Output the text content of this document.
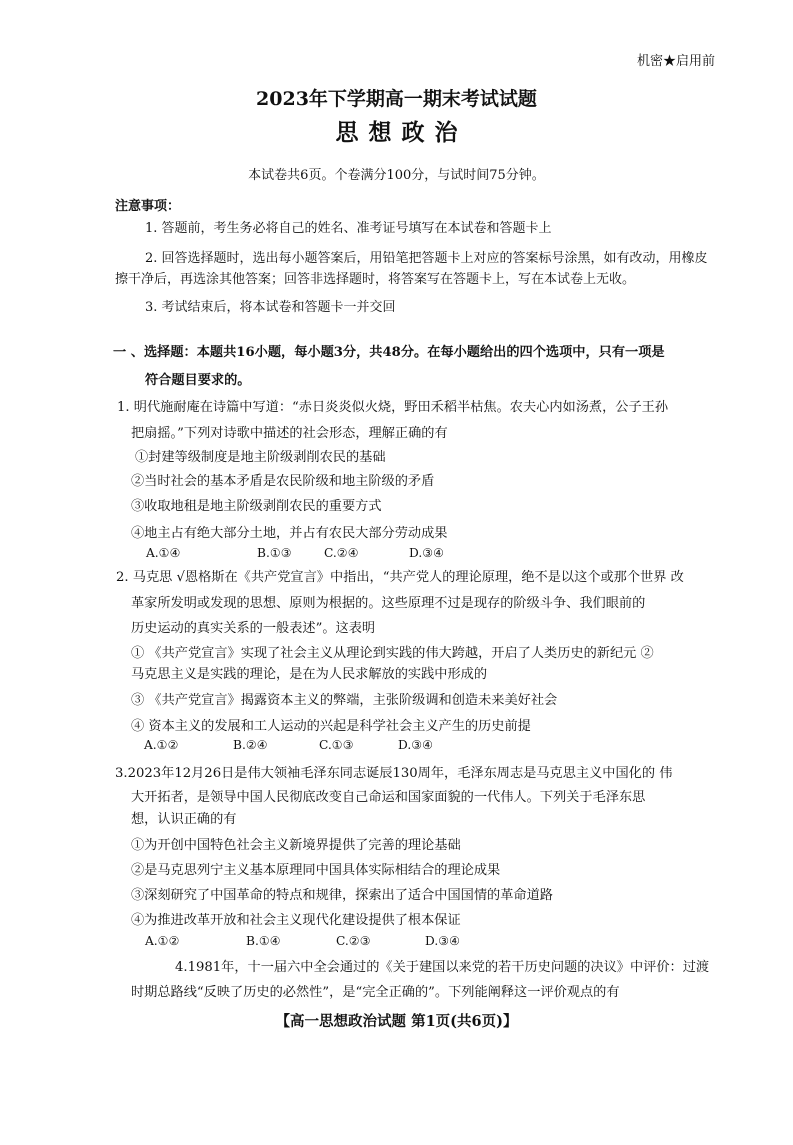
机密★启用前
2023年下学期高一期末考试试题
思想政治
本试卷共6页。个卷满分100分，与试时间75分钟。
注意事项：
1. 答题前，考生务必将自己的姓名、准考证号填写在本试卷和答题卡上
2. 回答选择题时，选出每小题答案后，用铅笔把答题卡上对应的答案标号涂黑，如有改动，用橡皮
擦干净后，再选涂其他答案；回答非选择题时，将答案写在答题卡上，写在本试卷上无收。
3. 考试结束后，将本试卷和答题卡一并交回
一 、选择题：本题共16小题，每小题3分，共48分。在每小题给出的四个选项中，只有一项是
符合题目要求的。
1. 明代施耐庵在诗篇中写道：“赤日炎炎似火烧，野田禾稻半枯焦。农夫心内如汤煮，公子王孙
把扇摇。”下列对诗歌中描述的社会形态，理解正确的有
①封建等级制度是地主阶级剥削农民的基础
②当时社会的基本矛盾是农民阶级和地主阶级的矛盾
③收取地租是地主阶级剥削农民的重要方式
④地主占有绝大部分土地，并占有农民大部分劳动成果
A.①④	B.①③	C.②④	D.③④
2. 马克思 √恩格斯在《共产党宣言》中指出，“共产党人的理论原理，绝不是以这个或那个世界 改
革家所发明或发现的思想、原则为根据的。这些原理不过是现存的阶级斗争、我们眼前的
历史运动的真实关系的一般表述”。这表明
① 《共产党宣言》实现了社会主义从理论到实践的伟大跨越，开启了人类历史的新纪元 ②
马克思主义是实践的理论，是在为人民求解放的实践中形成的
③ 《共产党宣言》揭露资本主义的弊端，主张阶级调和创造未来美好社会
④ 资本主义的发展和工人运动的兴起是科学社会主义产生的历史前提
A.①②	B.②④	C.①③	D.③④
3.2023年12月26日是伟大领袖毛泽东同志诞辰130周年，毛泽东周志是马克思主义中国化的 伟
大开拓者，是领导中国人民彻底改变自己命运和国家面貌的一代伟人。下列关于毛泽东思
想，认识正确的有
①为开创中国特色社会主义新境界提供了完善的理论基础
②是马克思列宁主义基本原理同中国具体实际相结合的理论成果
③深刻研究了中国革命的特点和规律，探索出了适合中国国情的革命道路
④为推进改革开放和社会主义现代化建设提供了根本保证
A.①②	B.①④	C.②③	D.③④
4.1981年，十一届六中全会通过的《关于建国以来党的若干历史问题的决议》中评价：过渡
时期总路线“反映了历史的必然性”，是“完全正确的”。下列能阐释这一评价观点的有
【高一思想政治试题 第1页(共6页)】
